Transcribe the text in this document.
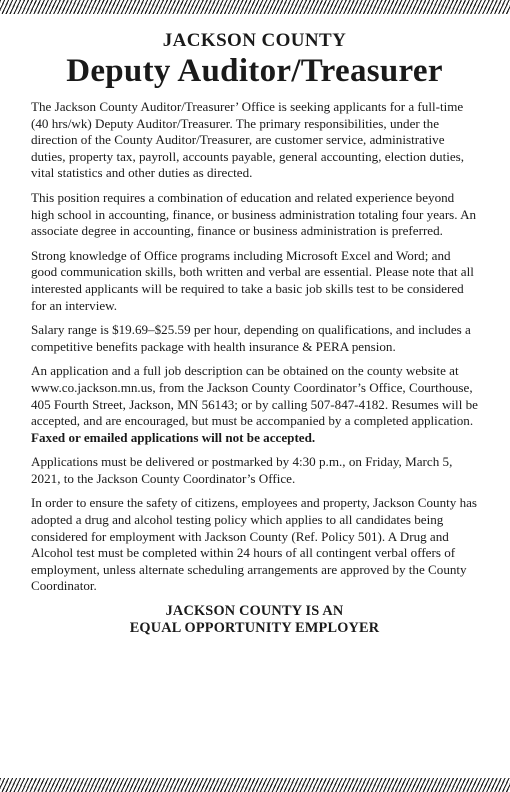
JACKSON COUNTY
Deputy Auditor/Treasurer

The Jackson County Auditor/Treasurer’ Office is seeking applicants for a full-time (40 hrs/wk) Deputy Auditor/Treasurer. The primary responsibilities, under the direction of the County Auditor/Treasurer, are customer service, administrative duties, property tax, payroll, accounts payable, general accounting, election duties, vital statistics and other duties as directed.

This position requires a combination of education and related experience beyond high school in accounting, finance, or business administration totaling four years. An associate degree in accounting, finance or business administration is preferred.

Strong knowledge of Office programs including Microsoft Excel and Word; and good communication skills, both written and verbal are essential. Please note that all interested applicants will be required to take a basic job skills test to be considered for an interview.

Salary range is $19.69–$25.59 per hour, depending on qualifications, and includes a competitive benefits package with health insurance & PERA pension.

An application and a full job description can be obtained on the county website at www.co.jackson.mn.us, from the Jackson County Coordinator’s Office, Courthouse, 405 Fourth Street, Jackson, MN 56143; or by calling 507-847-4182. Resumes will be accepted, and are encouraged, but must be accompanied by a completed application. Faxed or emailed applications will not be accepted.

Applications must be delivered or postmarked by 4:30 p.m., on Friday, March 5, 2021, to the Jackson County Coordinator’s Office.

In order to ensure the safety of citizens, employees and property, Jackson County has adopted a drug and alcohol testing policy which applies to all candidates being considered for employment with Jackson County (Ref. Policy 501). A Drug and Alcohol test must be completed within 24 hours of all contingent verbal offers of employment, unless alternate scheduling arrangements are approved by the County Coordinator.

JACKSON COUNTY IS AN
EQUAL OPPORTUNITY EMPLOYER
